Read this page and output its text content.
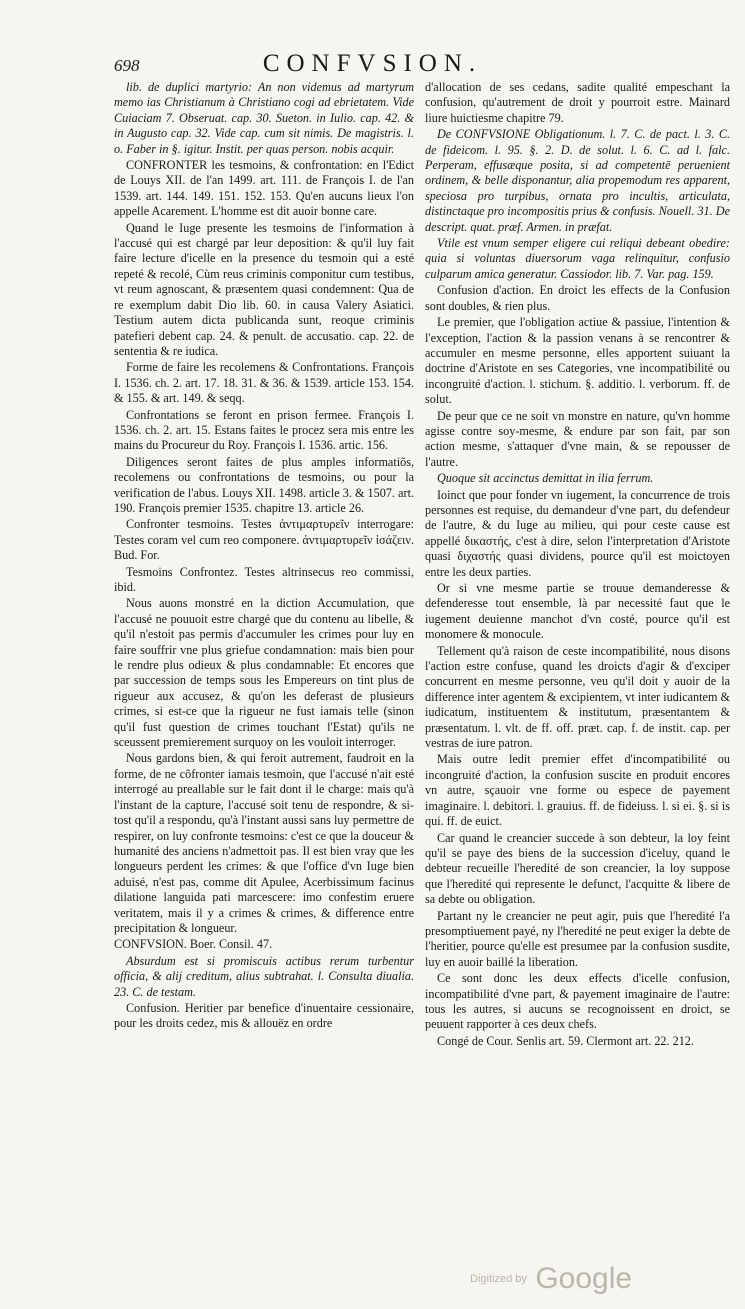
698	CONFVSION.

lib. de duplici martyrio: An non videmus ad martyrum memo ias Christianum à Christiano cogi ad ebrietatem. Vide Cuiaciam 7. Obseruat. cap. 30. Sueton. in Iulio. cap. 42. & in Augusto cap. 32. Vide cap. cum sit nimis. De magistris. l. o. Faber in §. igitur. Instit. per quas person. nobis acquir.

CONFRONTER les tesmoins, & confrontation: en l'Edict de Louys XII. de l'an 1499. art. 111. de François I. de l'an 1539. art. 144. 149. 151. 152. 153. Qu'en aucuns lieux l'on appelle Acarement. L'homme est dit auoir bonne care.

Quand le Iuge presente les tesmoins de l'information à l'accusé qui est chargé par leur deposition: & qu'il luy fait faire lecture d'icelle en la presence du tesmoin qui a esté repeté & recolé, Cùm reus criminis componitur cum testibus, vt reum agnoscant, & præsentem quasi condemnent: Qua de re exemplum dabit Dio lib. 60. in causa Valery Asiatici. Testium autem dicta publicanda sunt, reoque criminis patefieri debent cap. 24. & penult. de accusatio. cap. 22. de sententia & re iudica.

Forme de faire les recolemens & Confrontations. François I. 1536. ch. 2. art. 17. 18. 31. & 36. & 1539. article 153. 154. & 155. & art. 149. & seqq.

Confrontations se feront en prison fermee. François I. 1536. ch. 2. art. 15. Estans faites le procez sera mis entre les mains du Procureur du Roy. François I. 1536. artic. 156.

Diligences seront faites de plus amples informatiõs, recolemens ou confrontations de tesmoins, ou pour la verification de l'abus. Louys XII. 1498. article 3. & 1507. art. 190. François premier 1535. chapitre 13. article 26.

Confronter tesmoins. Testes ἀντιμαρτυρεῖν interrogare: Testes coram vel cum reo componere. ἀντιμαρτυρεῖν ἰσάζειν. Bud. For.

Tesmoins Confrontez. Testes altrinsecus reo commissi, ibid.

Nous auons monstré en la diction Accumulation, que l'accusé ne pouuoit estre chargé que du contenu au libelle, & qu'il n'estoit pas permis d'accumuler les crimes pour luy en faire souffrir vne plus griefue condamnation: mais bien pour le rendre plus odieux & plus condamnable: Et encores que par succession de temps sous les Empereurs on tint plus de rigueur aux accusez, & qu'on les deferast de plusieurs crimes, si est-ce que la rigueur ne fust iamais telle (sinon qu'il fust question de crimes touchant l'Estat) qu'ils ne sceussent premierement surquoy on les vouloit interroger.

Nous gardons bien, & qui feroit autrement, faudroit en la forme, de ne cõfronter iamais tesmoin, que l'accusé n'ait esté interrogé au preallable sur le fait dont il le charge: mais qu'à l'instant de la capture, l'accusé soit tenu de respondre, & si-tost qu'il a respondu, qu'à l'instant aussi sans luy permettre de respirer, on luy confronte tesmoins: c'est ce que la douceur & humanité des anciens n'admettoit pas. Il est bien vray que les longueurs perdent les crimes: & que l'office d'vn Iuge bien aduisé, n'est pas, comme dit Apulee, Acerbissimum facinus dilatione languida pati marcescere: imo confestim eruere veritatem, mais il y a crimes & crimes, & difference entre precipitation & longueur.

CONFVSION. Boer. Consil. 47.

Absurdum est si promiscuis actibus rerum turbentur officia, & alij creditum, alius subtrahat. l. Consulta diualia. 23. C. de testam.

Confusion. Heritier par benefice d'inuentaire cessionaire, pour les droits cedez, mis & allouëz en ordre

d'allocation de ses cedans, sadite qualité empeschant la confusion, qu'autrement de droit y pourroit estre. Mainard liure huictiesme chapitre 79.

De CONFVSIONE Obligationum. l. 7. C. de pact. l. 3. C. de fideicom. l. 95. §. 2. D. de solut. l. 6. C. ad l. falc. Perperam, effusæque posita, si ad competentē peruenient ordinem, & belle disponantur, alia propemodum res apparent, speciosa pro turpibus, ornata pro incultis, articulata, distinctaque pro incompositis prius & confusis. Nouell. 31. De descript. quat. præf. Armen. in præfat.

Vtile est vnum semper eligere cui reliqui debeant obedire: quia si voluntas diuersorum vaga relinquitur, confusio culparum amica generatur. Cassiodor. lib. 7. Var. pag. 159.

Confusion d'action. En droict les effects de la Confusion sont doubles, & rien plus.

Le premier, que l'obligation actiue & passiue, l'intention & l'exception, l'action & la passion venans à se rencontrer & accumuler en mesme personne, elles apportent suiuant la doctrine d'Aristote en ses Categories, vne incompatibilité ou incongruité d'action. l. stichum. §. additio. l. verborum. ff. de solut.

De peur que ce ne soit vn monstre en nature, qu'vn homme agisse contre soy-mesme, & endure par son fait, par son action mesme, s'attaquer d'vne main, & se repousser de l'autre.

Quoque sit accinctus demittat in ilia ferrum.

Ioinct que pour fonder vn iugement, la concurrence de trois personnes est requise, du demandeur d'vne part, du defendeur de l'autre, & du Iuge au milieu, qui pour ceste cause est appellé δικαστής, c'est à dire, selon l'interpretation d'Aristote quasi διχαστής quasi dividens, pource qu'il est moictoyen entre les deux parties.

Or si vne mesme partie se trouue demanderesse & defenderesse tout ensemble, là par necessité faut que le iugement deuienne manchot d'vn costé, pource qu'il est monomere & monocule.

Tellement qu'à raison de ceste incompatibilité, nous disons l'action estre confuse, quand les droicts d'agir & d'exciper concurrent en mesme personne, veu qu'il doit y auoir de la difference inter agentem & excipientem, vt inter iudicantem & iudicatum, instituentem & institutum, præsentantem & præsentatum. l. vlt. de ff. off. præt. cap. f. de instit. cap. per vestras de iure patron.

Mais outre ledit premier effet d'incompatibilité ou incongruité d'action, la confusion suscite en produit encores vn autre, sçauoir vne forme ou espece de payement imaginaire. l. debitori. l. grauius. ff. de fideiuss. l. si ei. §. si is qui. ff. de euict.

Car quand le creancier succede à son debteur, la loy feint qu'il se paye des biens de la succession d'iceluy, quand le debteur recueille l'heredité de son creancier, la loy suppose que l'heredité qui represente le defunct, l'acquitte & libere de sa debte ou obligation.

Partant ny le creancier ne peut agir, puis que l'heredité l'a presomptiuement payé, ny l'heredité ne peut exiger la debte de l'heritier, pource qu'elle est presumee par la confusion susdite, luy en auoir baillé la liberation.

Ce sont donc les deux effects d'icelle confusion, incompatibilité d'vne part, & payement imaginaire de l'autre: tous les autres, si aucuns se recognoissent en droict, se peuuent rapporter à ces deux chefs.

Congé de Cour. Senlis art. 59. Clermont art. 22. 212.

Digitized by Google
